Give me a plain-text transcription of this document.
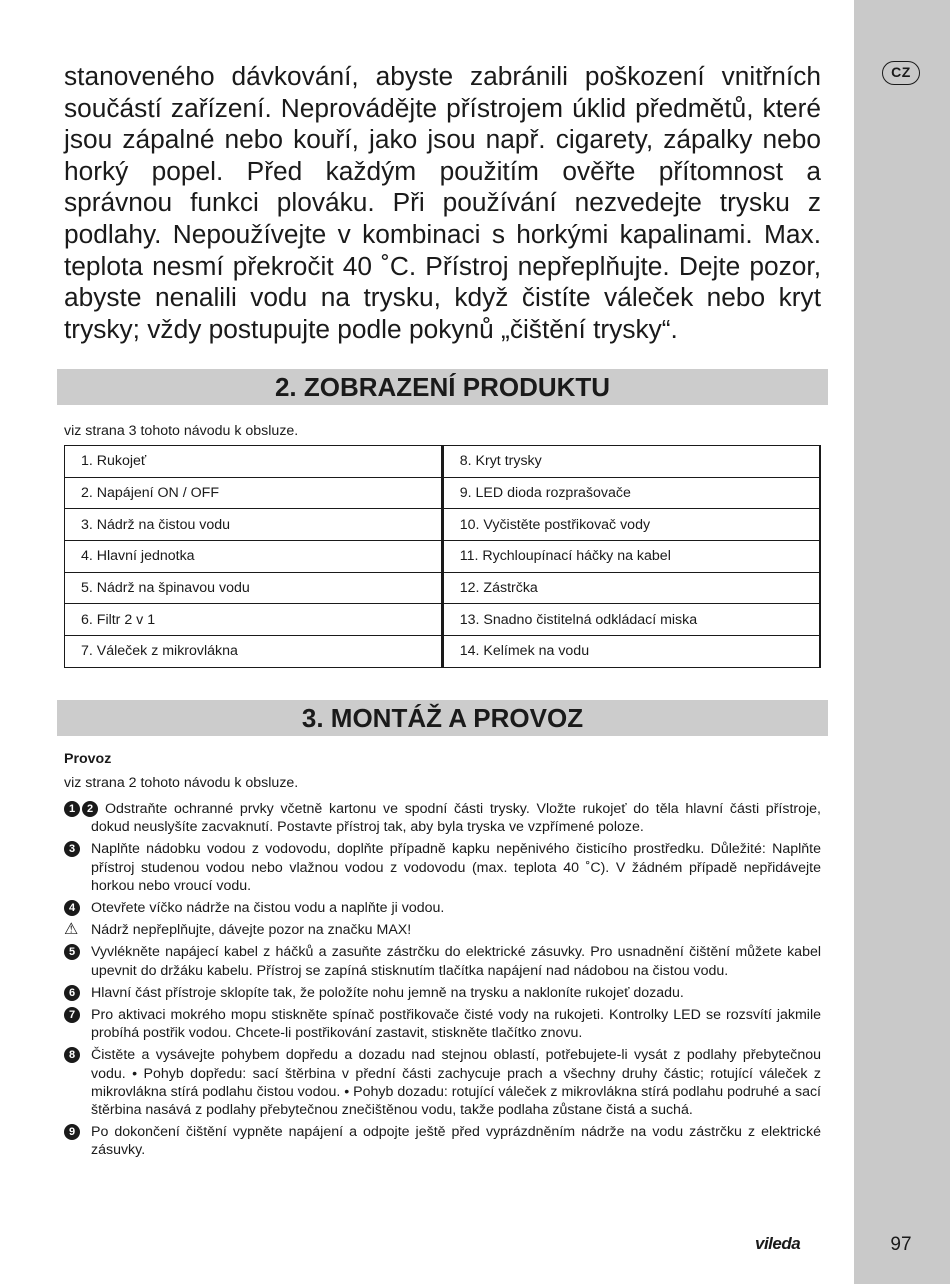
CZ
97

stanoveného dávkování, abyste zabránili poškození vnitřních součástí zařízení. Neprovádějte přístrojem úklid předmětů, které jsou zápalné nebo kouří, jako jsou např. cigarety, zápalky nebo horký popel. Před každým použitím ověřte přítomnost a správnou funkci plováku. Při používání nezvedejte trysku z podlahy. Nepoužívejte v kombinaci s horkými kapalinami. Max. teplota nesmí překročit 40 ˚C. Přístroj nepřeplňujte. Dejte pozor, abyste nenalili vodu na trysku, když čistíte váleček nebo kryt trysky; vždy postupujte podle pokynů „čištění trysky“.

2. ZOBRAZENÍ PRODUKTU
viz strana 3 tohoto návodu k obsluze.
1. Rukojeť	8. Kryt trysky
2. Napájení ON / OFF	9. LED dioda rozprašovače
3. Nádrž na čistou vodu	10. Vyčistěte postřikovač vody
4. Hlavní jednotka	11. Rychloupínací háčky na kabel
5. Nádrž na špinavou vodu	12. Zástrčka
6. Filtr 2 v 1	13. Snadno čistitelná odkládací miska
7. Váleček z mikrovlákna	14. Kelímek na vodu
3. MONTÁŽ A PROVOZ
Provoz
viz strana 2 tohoto návodu k obsluze.
1	2 Odstraňte ochranné prvky včetně kartonu ve spodní části trysky. Vložte rukojeť do těla hlavní části přístroje, dokud neuslyšíte zacvaknutí. Postavte přístroj tak, aby byla tryska ve vzpřímené poloze.
3	Naplňte nádobku vodou z vodovodu, doplňte případně kapku nepěnivého čisticího prostředku. Důležité: Naplňte přístroj studenou vodou nebo vlažnou vodou z vodovodu (max. teplota 40 ˚C). V žádném případě nepřidávejte horkou nebo vroucí vodu.
4	Otevřete víčko nádrže na čistou vodu a naplňte ji vodou.
⚠ Nádrž nepřeplňujte, dávejte pozor na značku MAX!
5	Vyvlékněte napájecí kabel z háčků a zasuňte zástrčku do elektrické zásuvky. Pro usnadnění čištění můžete kabel upevnit do držáku kabelu. Přístroj se zapíná stisknutím tlačítka napájení nad nádobou na čistou vodu.
6	Hlavní část přístroje sklopíte tak, že položíte nohu jemně na trysku a nakloníte rukojeť dozadu.
7	Pro aktivaci mokrého mopu stiskněte spínač postřikovače čisté vody na rukojeti. Kontrolky LED se rozsvítí jakmile probíhá postřik vodou. Chcete-li postřikování zastavit, stiskněte tlačítko znovu.
8	Čistěte a vysávejte pohybem dopředu a dozadu nad stejnou oblastí, potřebujete-li vysát z podlahy přebytečnou vodu. • Pohyb dopředu: sací štěrbina v přední části zachycuje prach a všechny druhy částic; rotující váleček z mikrovlákna stírá podlahu čistou vodou. • Pohyb dozadu: rotující váleček z mikrovlákna stírá podlahu podruhé a sací štěrbina nasává z podlahy přebytečnou znečištěnou vodu, takže podlaha zůstane čistá a suchá.
9	Po dokončení čištění vypněte napájení a odpojte ještě před vyprázdněním nádrže na vodu zástrčku z elektrické zásuvky.
vileda
